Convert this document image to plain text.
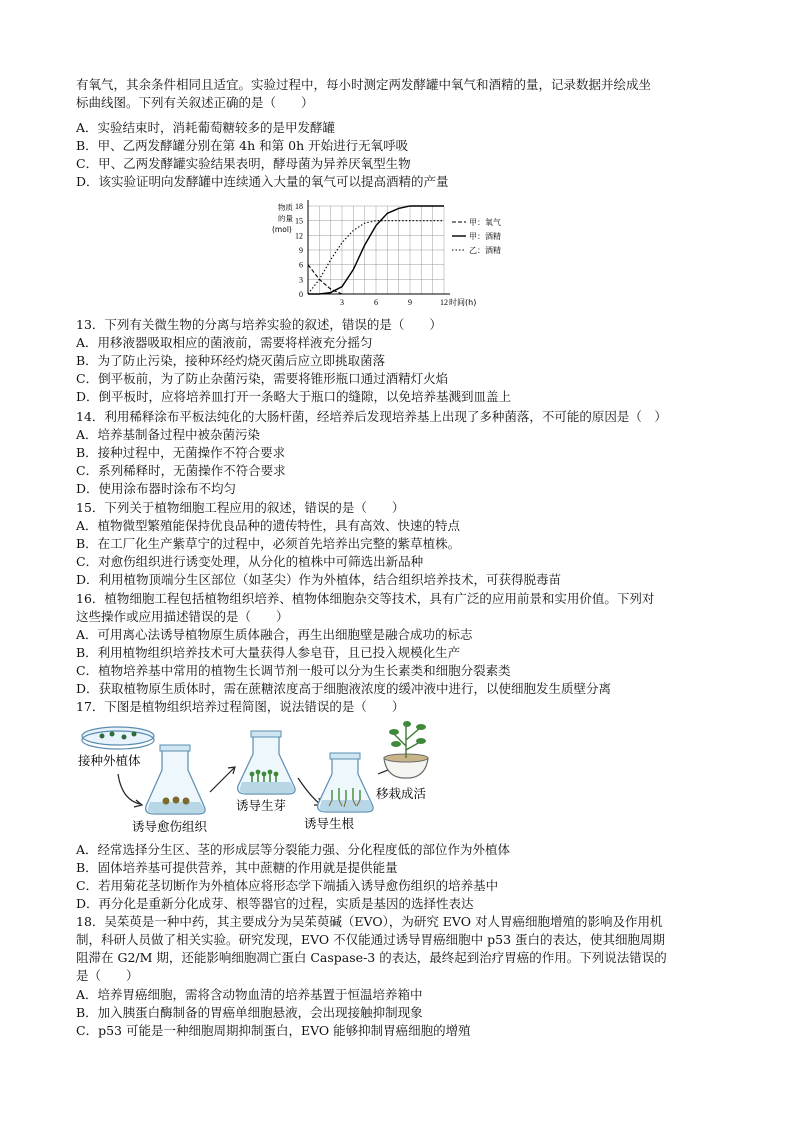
有氧气，其余条件相同且适宜。实验过程中，每小时测定两发酵罐中氧气和酒精的量，记录数据并绘成坐
标曲线图。下列有关叙述正确的是（　　）
A．实验结束时，消耗葡萄糖较多的是甲发酵罐
B．甲、乙两发酵罐分别在第 4h 和第 0h 开始进行无氧呼吸
C．甲、乙两发酵罐实验结果表明，酵母菌为异养厌氧型生物
D．该实验证明向发酵罐中连续通入大量的氧气可以提高酒精的产量
0
3
6
9
12
15
18
3	6	9	12 时间(h)
物质的量(mol)
甲：氧气
甲：酒精
乙：酒精
13．下列有关微生物的分离与培养实验的叙述，错误的是（　　）
A．用移液器吸取相应的菌液前，需要将样液充分摇匀
B．为了防止污染，接种环经灼烧灭菌后应立即挑取菌落
C．倒平板前，为了防止杂菌污染，需要将锥形瓶口通过酒精灯火焰
D．倒平板时，应将培养皿打开一条略大于瓶口的缝隙，以免培养基溅到皿盖上
14．利用稀释涂布平板法纯化的大肠杆菌，经培养后发现培养基上出现了多种菌落，不可能的原因是（　）
A．培养基制备过程中被杂菌污染
B．接种过程中，无菌操作不符合要求
C．系列稀释时，无菌操作不符合要求
D．使用涂布器时涂布不均匀
15．下列关于植物细胞工程应用的叙述，错误的是（　　）
A．植物微型繁殖能保持优良品种的遗传特性，具有高效、快速的特点
B．在工厂化生产紫草宁的过程中，必须首先培养出完整的紫草植株。
C．对愈伤组织进行诱变处理，从分化的植株中可筛选出新品种
D．利用植物顶端分生区部位（如茎尖）作为外植体，结合组织培养技术，可获得脱毒苗
16．植物细胞工程包括植物组织培养、植物体细胞杂交等技术，具有广泛的应用前景和实用价值。下列对
这些操作或应用描述错误的是（　　）
A．可用离心法诱导植物原生质体融合，再生出细胞壁是融合成功的标志
B．利用植物组织培养技术可大量获得人参皂苷，且已投入规模化生产
C．植物培养基中常用的植物生长调节剂一般可以分为生长素类和细胞分裂素类
D．获取植物原生质体时，需在蔗糖浓度高于细胞液浓度的缓冲液中进行，以使细胞发生质壁分离
17．下图是植物组织培养过程简图，说法错误的是（　　）
接种外植体
诱导愈伤组织
诱导生芽
诱导生根
移栽成活
A．经常选择分生区、茎的形成层等分裂能力强、分化程度低的部位作为外植体
B．固体培养基可提供营养，其中蔗糖的作用就是提供能量
C．若用菊花茎切断作为外植体应将形态学下端插入诱导愈伤组织的培养基中
D．再分化是重新分化成芽、根等器官的过程，实质是基因的选择性表达
18．吴茱萸是一种中药，其主要成分为吴茱萸碱（EVO），为研究 EVO 对人胃癌细胞增殖的影响及作用机
制，科研人员做了相关实验。研究发现，EVO 不仅能通过诱导胃癌细胞中 p53 蛋白的表达，使其细胞周期
阻滞在 G2/M 期，还能影响细胞凋亡蛋白 Caspase-3 的表达，最终起到治疗胃癌的作用。下列说法错误的
是（　　）
A．培养胃癌细胞，需将含动物血清的培养基置于恒温培养箱中
B．加入胰蛋白酶制备的胃癌单细胞悬液，会出现接触抑制现象
C．p53 可能是一种细胞周期抑制蛋白，EVO 能够抑制胃癌细胞的增殖
